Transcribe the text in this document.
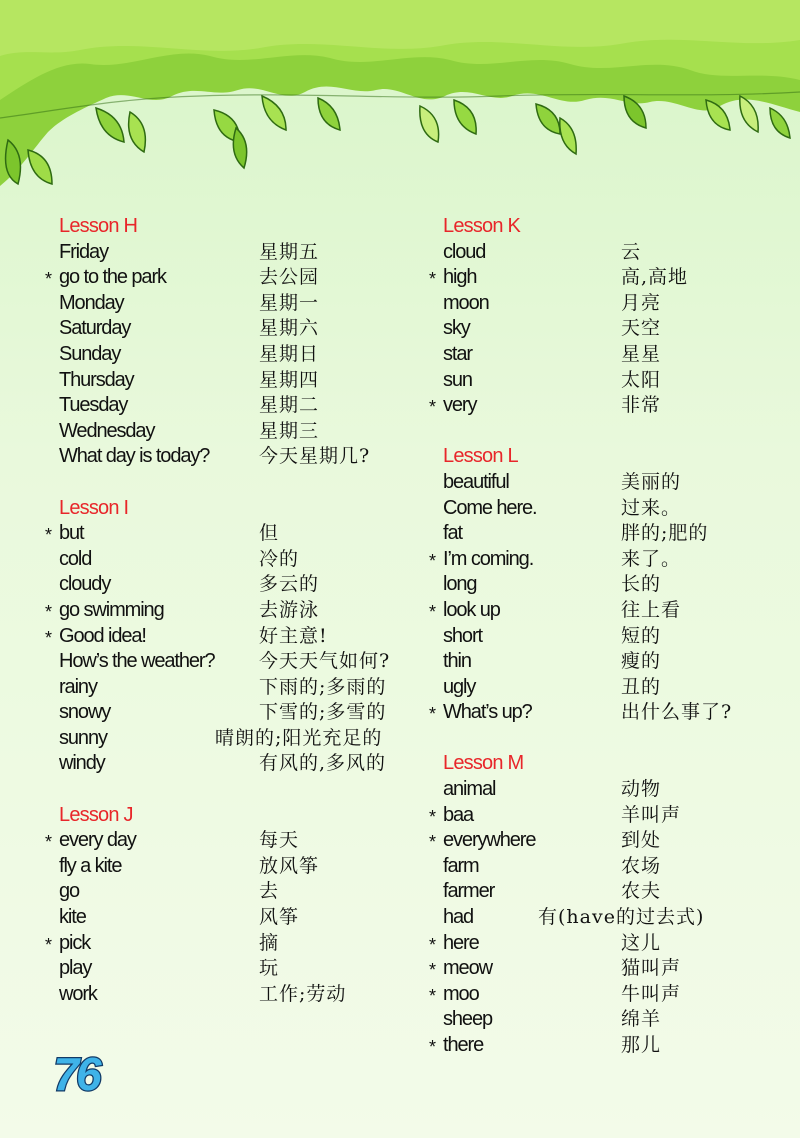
Lesson H
Friday	星期五
* go to the park	去公园
Monday	星期一
Saturday	星期六
Sunday	星期日
Thursday	星期四
Tuesday	星期二
Wednesday	星期三
What day is today?	今天星期几?
Lesson I
* but	但
cold	冷的
cloudy	多云的
* go swimming	去游泳
* Good idea!	好主意!
How’s the weather? 今天天气如何?
rainy	下雨的;多雨的
snowy	下雪的;多雪的
sunny	晴朗的;阳光充足的
windy	有风的,多风的
Lesson J
* every day	每天
fly a kite	放风筝
go	去
kite	风筝
* pick	摘
play	玩
work	工作;劳动
Lesson K
cloud	云
* high	高,高地
moon	月亮
sky	天空
star	星星
sun	太阳
* very	非常
Lesson L
beautiful	美丽的
Come here.	过来。
fat	胖的;肥的
* I’m coming.	来了。
long	长的
* look up	往上看
short	短的
thin	瘦的
ugly	丑的
* What’s up?	出什么事了?
Lesson M
animal	动物
* baa	羊叫声
* everywhere	到处
farm	农场
farmer	农夫
had	有(have的过去式)
* here	这儿
* meow	猫叫声
* moo	牛叫声
sheep	绵羊
* there	那儿
76
